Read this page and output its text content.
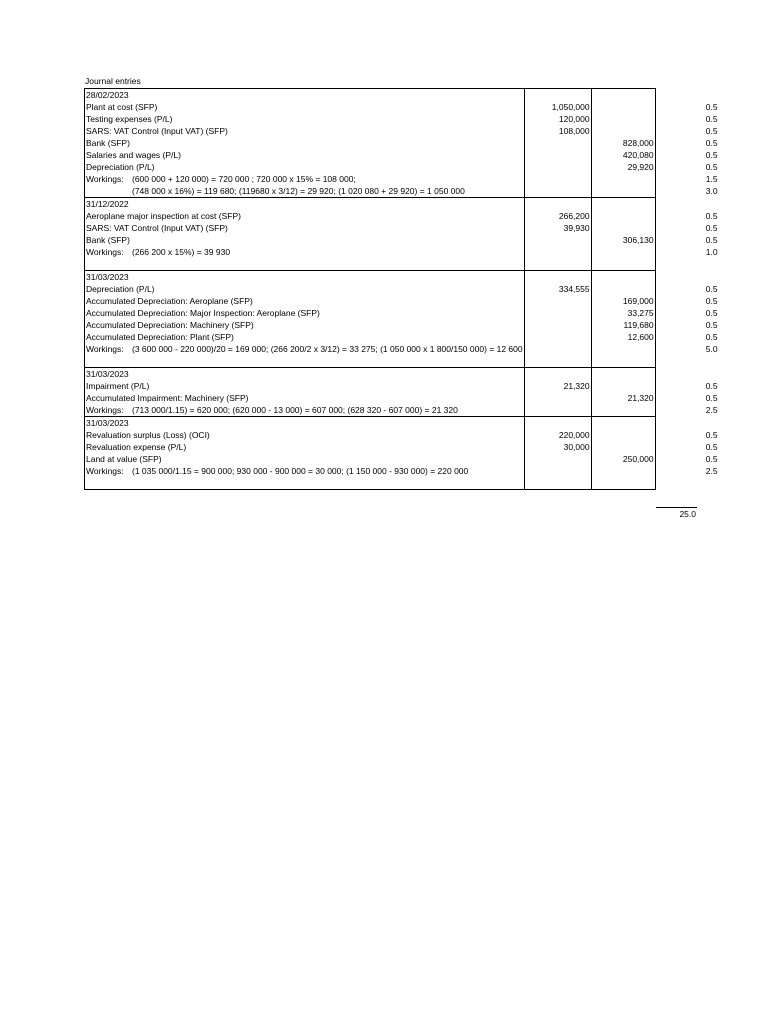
Journal entries
28/02/2023			
Plant at cost (SFP)	1,050,000		0.5
Testing expenses (P/L)	120,000		0.5
SARS: VAT Control (Input VAT) (SFP)	108,000		0.5
Bank (SFP)		828,000	0.5
Salaries and wages (P/L)		420,080	0.5
Depreciation (P/L)		29,920	0.5
Workings: (600 000 + 120 000) = 720 000 ; 720 000 x 15% = 108 000;			1.5
(748 000 x 16%) = 119 680; (119680 x 3/12) = 29 920; (1 020 080 + 29 920) = 1 050 000			3.0
31/12/2022			
Aeroplane major inspection at cost (SFP)	266,200		0.5
SARS: VAT Control (Input VAT) (SFP)	39,930		0.5
Bank (SFP)		306,130	0.5
Workings: (266 200 x 15%) = 39 930			1.0

31/03/2023			
Depreciation (P/L)	334,555		0.5
Accumulated Depreciation: Aeroplane (SFP)		169,000	0.5
Accumulated Depreciation: Major Inspection: Aeroplane (SFP)		33,275	0.5
Accumulated Depreciation: Machinery (SFP)		119,680	0.5
Accumulated Depreciation: Plant (SFP)		12,600	0.5
Workings: (3 600 000 - 220 000)/20 = 169 000; (266 200/2 x 3/12) = 33 275; (1 050 000 x 1 800/150 000) = 12 600			5.0

31/03/2023			
Impairment (P/L)	21,320		0.5
Accumulated Impairment: Machinery (SFP)		21,320	0.5
Workings: (713 000/1.15) = 620 000; (620 000 - 13 000) = 607 000; (628 320 - 607 000) = 21 320			2.5
31/03/2023			
Revaluation surplus (Loss) (OCI)	220,000		0.5
Revaluation expense (P/L)	30,000		0.5
Land at value (SFP)		250,000	0.5
Workings: (1 035 000/1.15 = 900 000; 930 000 - 900 000 = 30 000; (1 150 000 - 930 000) = 220 000			2.5

25.0
